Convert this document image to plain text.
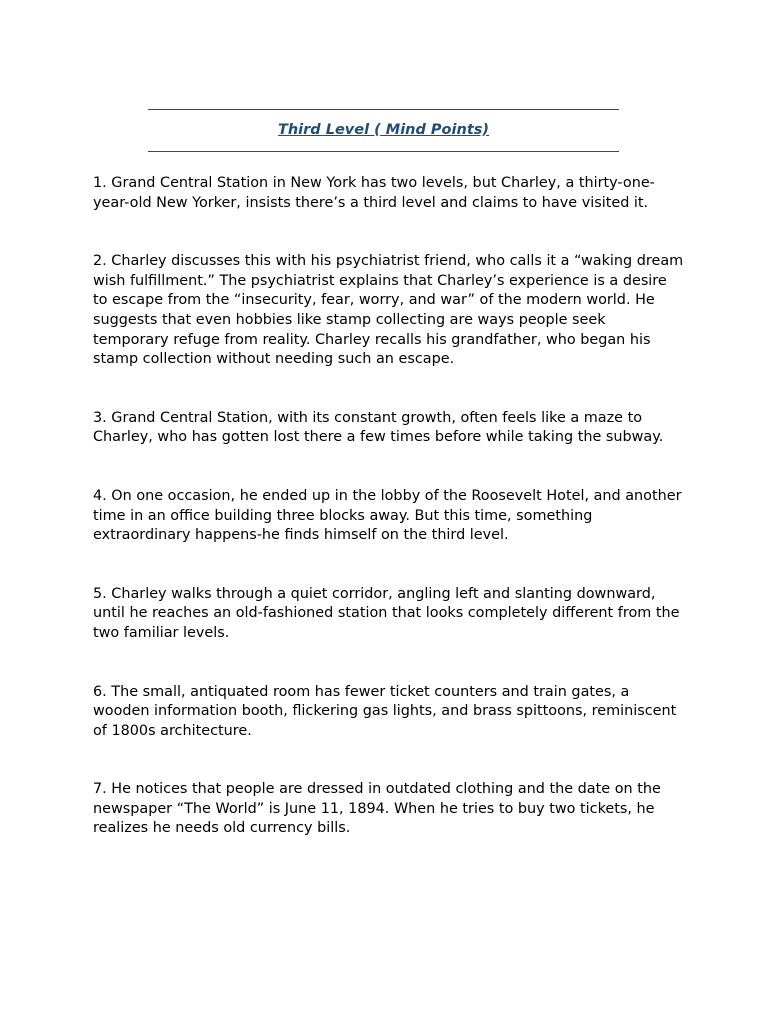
Third Level ( Mind Points)

1. Grand Central Station in New York has two levels, but Charley, a thirty-one-year-old New Yorker, insists there’s a third level and claims to have visited it.

2. Charley discusses this with his psychiatrist friend, who calls it a “waking dream wish fulfillment.” The psychiatrist explains that Charley’s experience is a desire to escape from the “insecurity, fear, worry, and war” of the modern world. He suggests that even hobbies like stamp collecting are ways people seek temporary refuge from reality. Charley recalls his grandfather, who began his stamp collection without needing such an escape.

3. Grand Central Station, with its constant growth, often feels like a maze to Charley, who has gotten lost there a few times before while taking the subway.

4. On one occasion, he ended up in the lobby of the Roosevelt Hotel, and another time in an office building three blocks away. But this time, something extraordinary happens-he finds himself on the third level.

5. Charley walks through a quiet corridor, angling left and slanting downward, until he reaches an old-fashioned station that looks completely different from the two familiar levels.

6. The small, antiquated room has fewer ticket counters and train gates, a wooden information booth, flickering gas lights, and brass spittoons, reminiscent of 1800s architecture.

7. He notices that people are dressed in outdated clothing and the date on the newspaper “The World” is June 11, 1894. When he tries to buy two tickets, he realizes he needs old currency bills.
